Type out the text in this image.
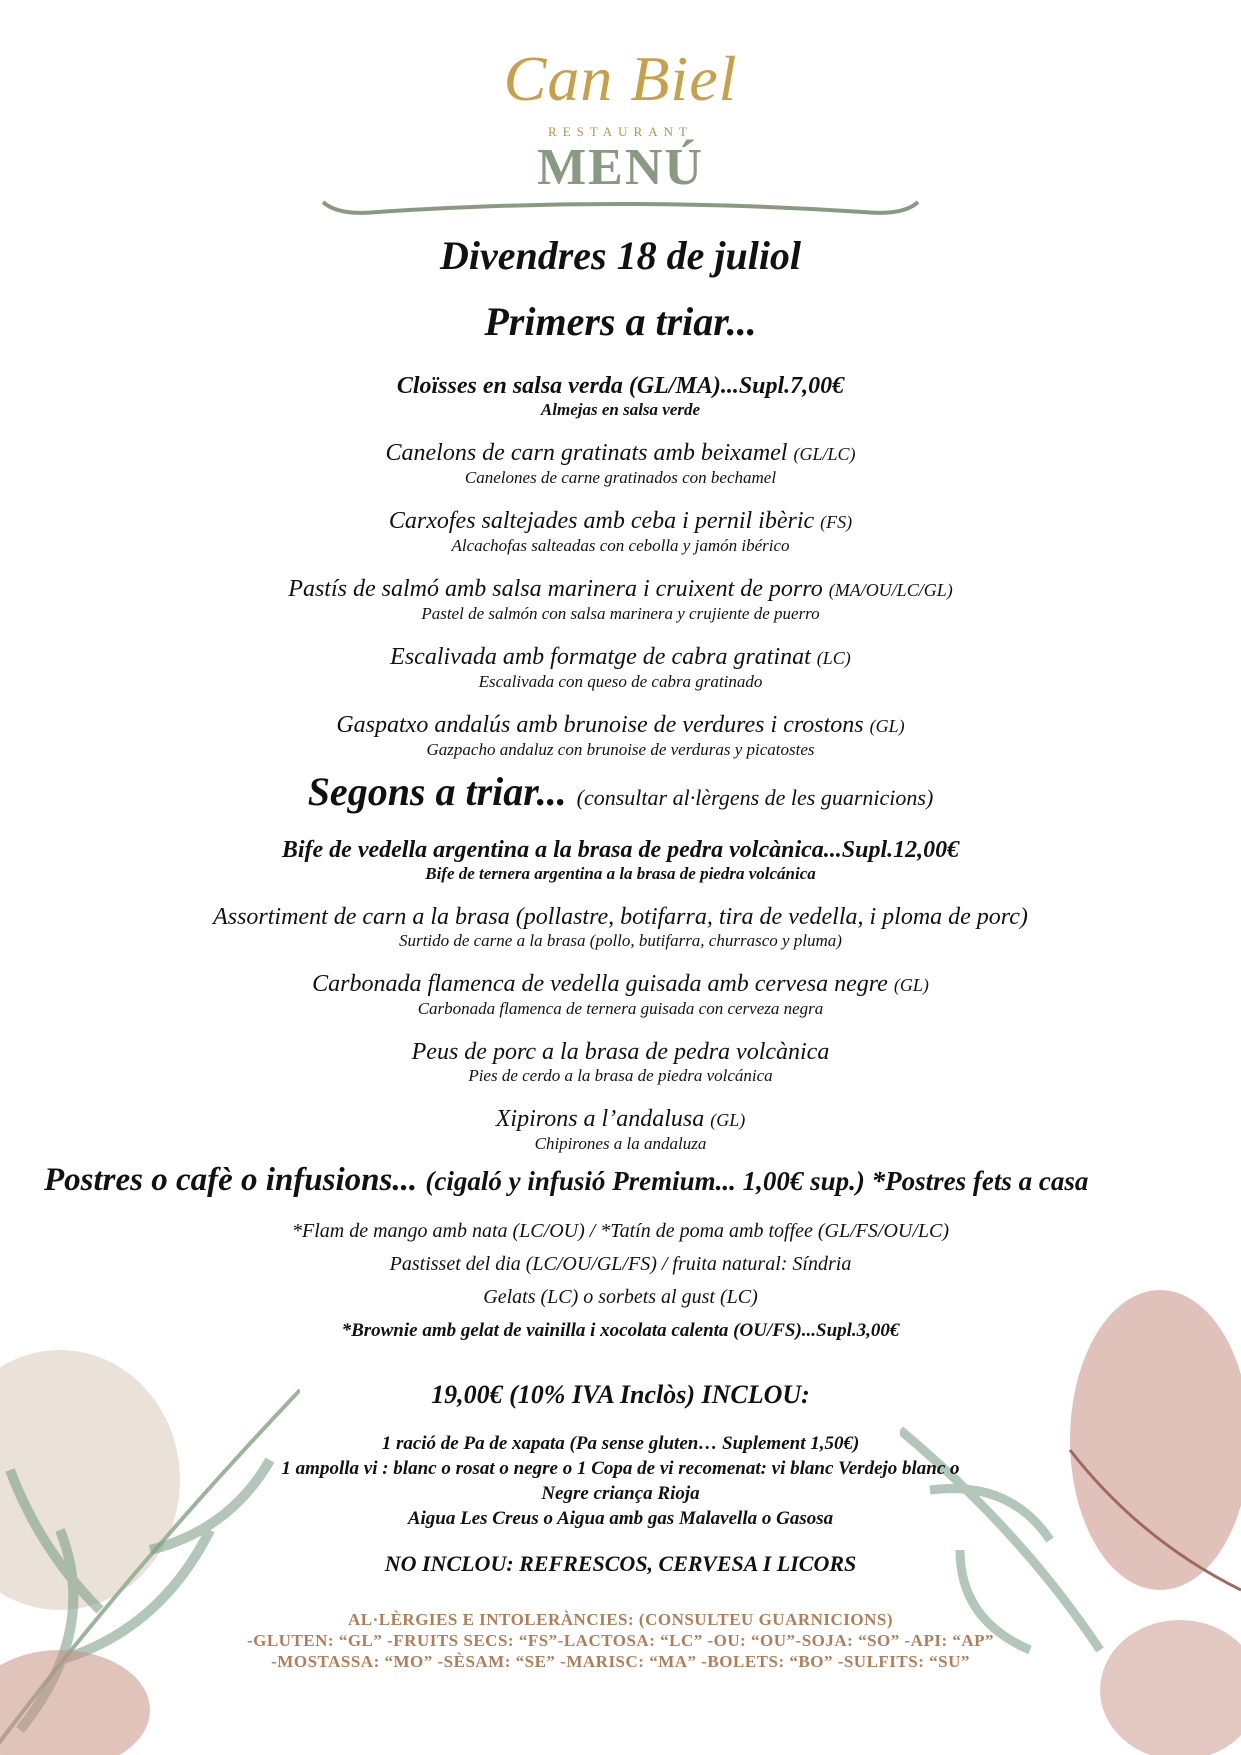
Can Biel
RESTAURANT
MENÚ
Divendres 18 de juliol
Primers a triar...
Cloïsses en salsa verda (GL/MA)...Supl.7,00€
Almejas en salsa verde
Canelons de carn gratinats amb beixamel (GL/LC)
Canelones de carne gratinados con bechamel
Carxofes saltejades amb ceba i pernil ibèric (FS)
Alcachofas salteadas con cebolla y jamón ibérico
Pastís de salmó amb salsa marinera i cruixent de porro (MA/OU/LC/GL)
Pastel de salmón con salsa marinera y crujiente de puerro
Escalivada amb formatge de cabra gratinat (LC)
Escalivada con queso de cabra gratinado
Gaspatxo andalús amb brunoise de verdures i crostons (GL)
Gazpacho andaluz con brunoise de verduras y picatostes
Segons a triar... (consultar al·lèrgens de les guarnicions)
Bife de vedella argentina a la brasa de pedra volcànica...Supl.12,00€
Bife de ternera argentina a la brasa de piedra volcánica
Assortiment de carn a la brasa (pollastre, botifarra, tira de vedella, i ploma de porc)
Surtido de carne a la brasa (pollo, butifarra, churrasco y pluma)
Carbonada flamenca de vedella guisada amb cervesa negre (GL)
Carbonada flamenca de ternera guisada con cerveza negra
Peus de porc a la brasa de pedra volcànica
Pies de cerdo a la brasa de piedra volcánica
Xipirons a l’andalusa (GL)
Chipirones a la andaluza
Postres o cafè o infusions... (cigaló y infusió Premium... 1,00€ sup.) *Postres fets a casa

*Flam de mango amb nata (LC/OU) / *Tatín de poma amb toffee (GL/FS/OU/LC)

Pastisset del dia (LC/OU/GL/FS) / fruita natural: Síndria

Gelats (LC) o sorbets al gust (LC)

*Brownie amb gelat de vainilla i xocolata calenta (OU/FS)...Supl.3,00€

19,00€ (10% IVA Inclòs) INCLOU:

1 ració de Pa de xapata (Pa sense gluten… Suplement 1,50€)

1 ampolla vi : blanc o rosat o negre o 1 Copa de vi recomenat: vi blanc Verdejo blanc o

Negre criança Rioja

Aigua Les Creus o Aigua amb gas Malavella o Gasosa

NO INCLOU: REFRESCOS, CERVESA I LICORS

AL·LÈRGIES E INTOLERÀNCIES: (CONSULTEU GUARNICIONS)

-GLUTEN: “GL” -FRUITS SECS: “FS”-LACTOSA: “LC” -OU: “OU”-SOJA: “SO” -API: “AP”

-MOSTASSA: “MO” -SÈSAM: “SE” -MARISC: “MA” -BOLETS: “BO” -SULFITS: “SU”
